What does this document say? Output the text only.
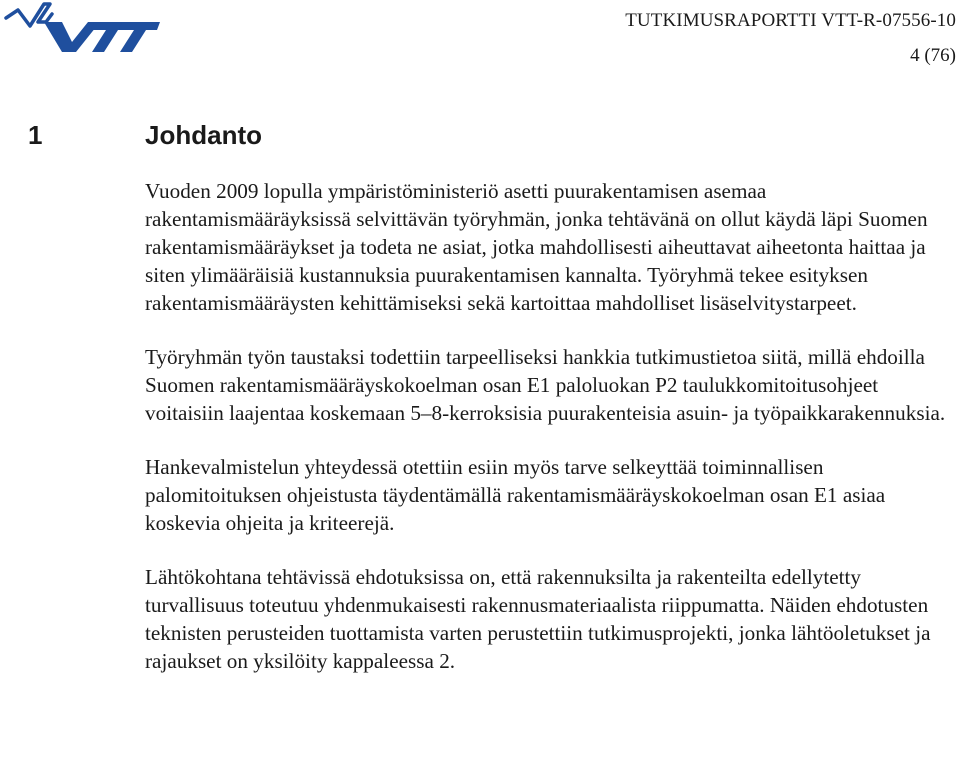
TUTKIMUSRAPORTTI VTT-R-07556-10
4 (76)
1	Johdanto

Vuoden 2009 lopulla ympäristöministeriö asetti puurakentamisen asemaa rakentamismääräyksissä selvittävän työryhmän, jonka tehtävänä on ollut käydä läpi Suomen rakentamismääräykset ja todeta ne asiat, jotka mahdollisesti aiheuttavat aiheetonta haittaa ja siten ylimääräisiä kustannuksia puurakentamisen kannalta. Työryhmä tekee esityksen rakentamismääräysten kehittämiseksi sekä kartoittaa mahdolliset lisäselvitystarpeet.

Työryhmän työn taustaksi todettiin tarpeelliseksi hankkia tutkimustietoa siitä, millä ehdoilla Suomen rakentamismääräyskokoelman osan E1 paloluokan P2 taulukkomitoitusohjeet voitaisiin laajentaa koskemaan 5–8-kerroksisia puurakenteisia asuin- ja työpaikkarakennuksia.

Hankevalmistelun yhteydessä otettiin esiin myös tarve selkeyttää toiminnallisen palomitoituksen ohjeistusta täydentämällä rakentamismääräyskokoelman osan E1 asiaa koskevia ohjeita ja kriteerejä.

Lähtökohtana tehtävissä ehdotuksissa on, että rakennuksilta ja rakenteilta edellytetty turvallisuus toteutuu yhdenmukaisesti rakennusmateriaalista riippumatta. Näiden ehdotusten teknisten perusteiden tuottamista varten perustettiin tutkimusprojekti, jonka lähtöoletukset ja rajaukset on yksilöity kappaleessa 2.
